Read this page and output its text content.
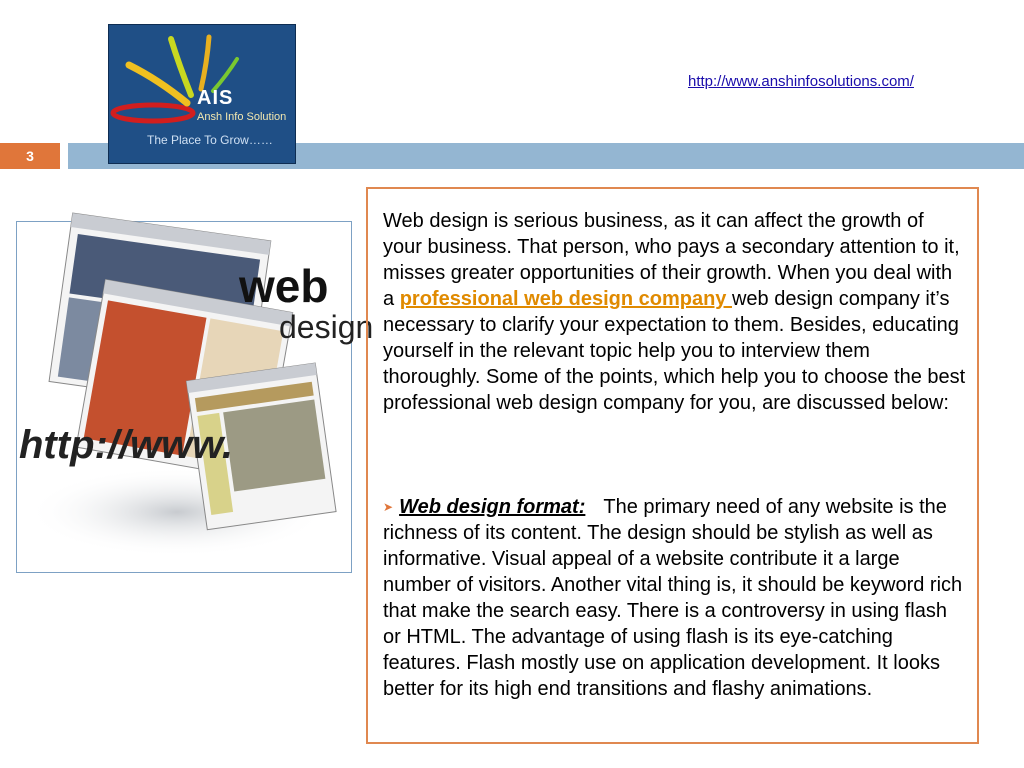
3
AIS
Ansh Info Solution
The Place To Grow……
http://www.anshinfosolutions.com/
web
design
http://www.

Web design is serious business, as it can affect the growth of your business. That person, who pays a secondary attention to it, misses greater opportunities of their growth. When you deal with a professional web design company web design company it’s necessary to clarify your expectation to them. Besides, educating yourself in the relevant topic help you to interview them thoroughly. Some of the points, which help you to choose the best professional web design company for you, are discussed below:

➤ Web design format: The primary need of any website is the richness of its content. The design should be stylish as well as informative. Visual appeal of a website contribute it a large number of visitors. Another vital thing is, it should be keyword rich that make the search easy. There is a controversy in using flash or HTML. The advantage of using flash is its eye-catching features. Flash mostly use on application development. It looks better for its high end transitions and flashy animations.
